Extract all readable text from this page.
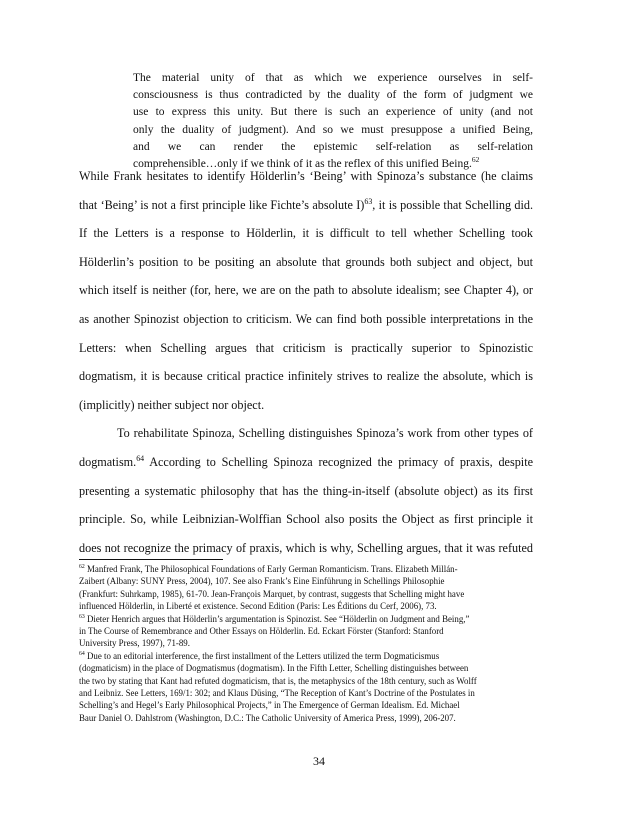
The material unity of that as which we experience ourselves in self-
consciousness is thus contradicted by the duality of the form of judgment we
use to express this unity. But there is such an experience of unity (and not
only the duality of judgment). And so we must presuppose a unified Being,
and we can render the epistemic self-relation as self-relation
comprehensible…only if we think of it as the reflex of this unified Being.$^{62}$
While Frank hesitates to identify Hölderlin’s ‘Being’ with Spinoza’s substance (he claims
that ‘Being’ is not a first principle like Fichte’s absolute I)$^{63}$, it is possible that Schelling did.
If the Letters is a response to Hölderlin, it is difficult to tell whether Schelling took
Hölderlin’s position to be positing an absolute that grounds both subject and object, but
which itself is neither (for, here, we are on the path to absolute idealism; see Chapter 4), or
as another Spinozist objection to criticism. We can find both possible interpretations in the
Letters: when Schelling argues that criticism is practically superior to Spinozistic
dogmatism, it is because critical practice infinitely strives to realize the absolute, which is
(implicitly) neither subject nor object.
To rehabilitate Spinoza, Schelling distinguishes Spinoza’s work from other types of
dogmatism.$^{64}$ According to Schelling Spinoza recognized the primacy of praxis, despite
presenting a systematic philosophy that has the thing-in-itself (absolute object) as its first
principle. So, while Leibnizian-Wolffian School also posits the Object as first principle it
does not recognize the primacy of praxis, which is why, Schelling argues, that it was refuted
$^{62}$ Manfred Frank, The Philosophical Foundations of Early German Romanticism. Trans. Elizabeth Millán-
Zaibert (Albany: SUNY Press, 2004), 107. See also Frank’s Eine Einführung in Schellings Philosophie
(Frankfurt: Suhrkamp, 1985), 61-70. Jean-François Marquet, by contrast, suggests that Schelling might have
influenced Hölderlin, in Liberté et existence. Second Edition (Paris: Les Éditions du Cerf, 2006), 73.
$^{63}$ Dieter Henrich argues that Hölderlin’s argumentation is Spinozist. See “Hölderlin on Judgment and Being,”
in The Course of Remembrance and Other Essays on Hölderlin. Ed. Eckart Förster (Stanford: Stanford
University Press, 1997), 71-89.
$^{64}$ Due to an editorial interference, the first installment of the Letters utilized the term Dogmaticismus
(dogmaticism) in the place of Dogmatismus (dogmatism). In the Fifth Letter, Schelling distinguishes between
the two by stating that Kant had refuted dogmaticism, that is, the metaphysics of the 18th century, such as Wolff
and Leibniz. See Letters, 169/1: 302; and Klaus Düsing, “The Reception of Kant’s Doctrine of the Postulates in
Schelling’s and Hegel’s Early Philosophical Projects,” in The Emergence of German Idealism. Ed. Michael
Baur Daniel O. Dahlstrom (Washington, D.C.: The Catholic University of America Press, 1999), 206-207.
34
